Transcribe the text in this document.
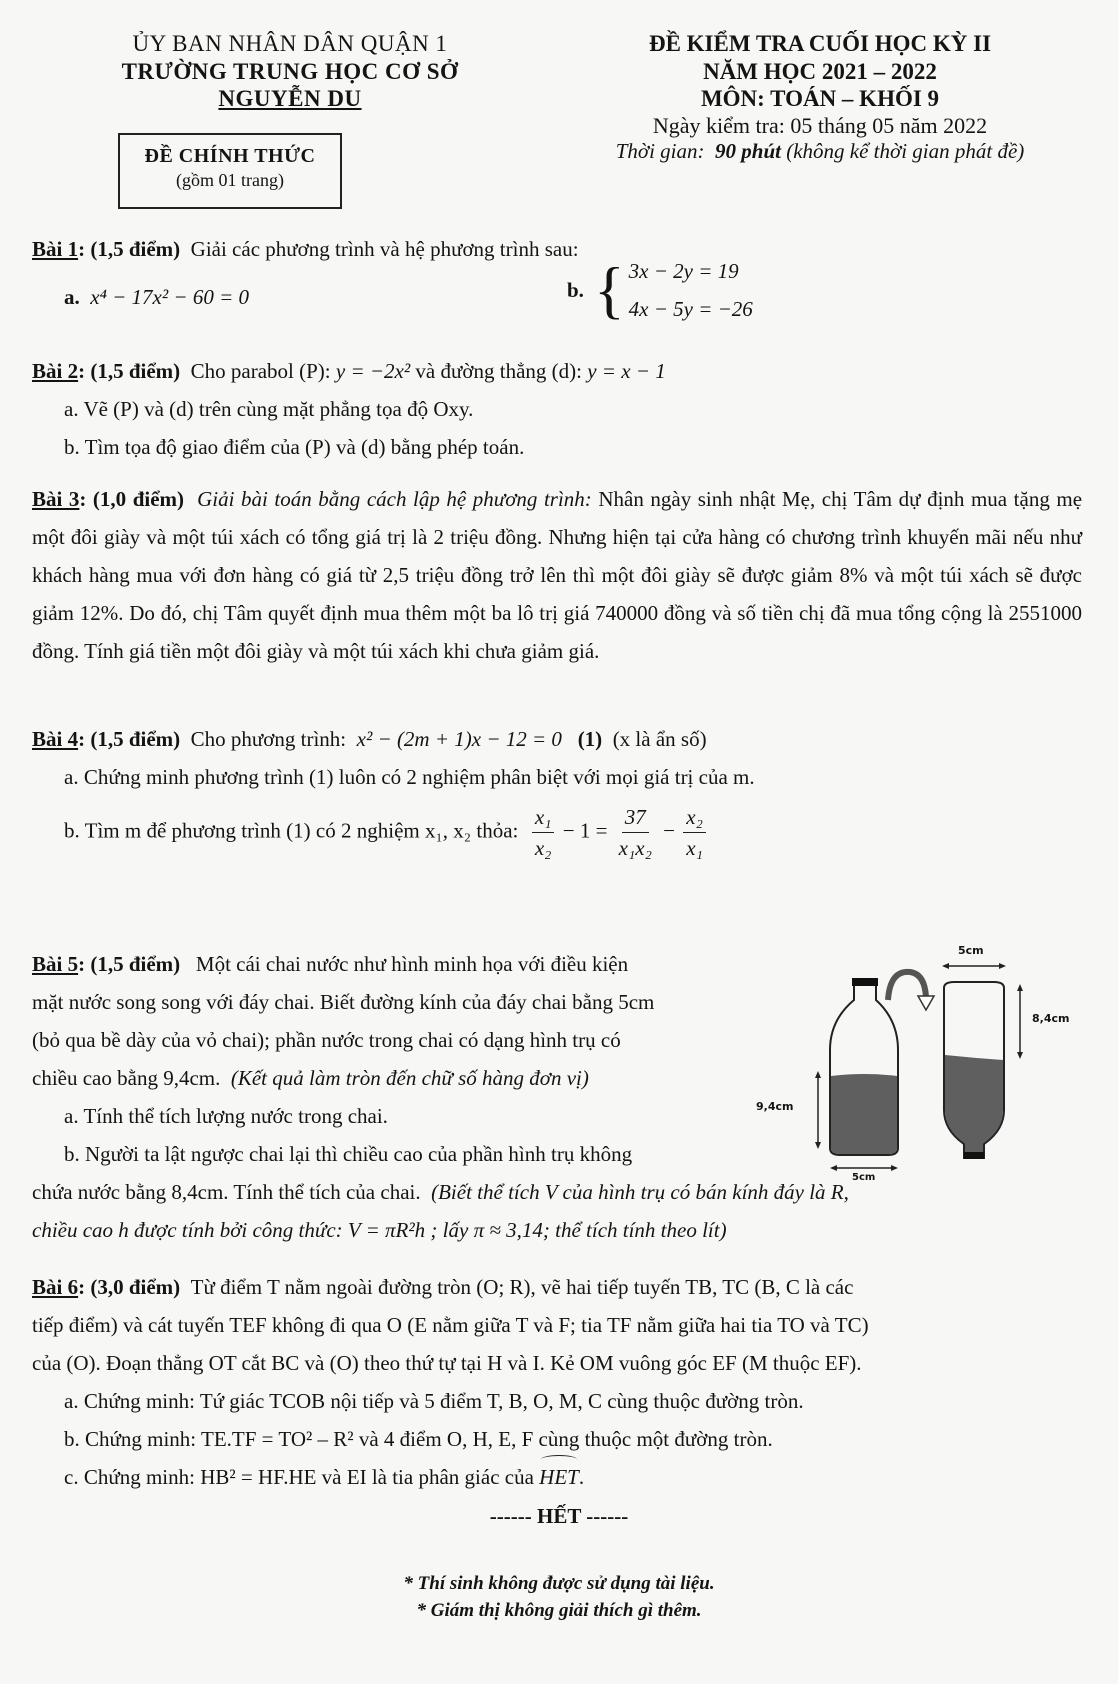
ỦY BAN NHÂN DÂN QUẬN 1
TRƯỜNG TRUNG HỌC CƠ SỞ
NGUYỄN DU
ĐỀ CHÍNH THỨC
(gồm 01 trang)
ĐỀ KIỂM TRA CUỐI HỌC KỲ II
NĂM HỌC 2021 – 2022
MÔN: TOÁN – KHỐI 9
Ngày kiểm tra: 05 tháng 05 năm 2022
Thời gian: 90 phút (không kể thời gian phát đề)
Bài 1: (1,5 điểm) Giải các phương trình và hệ phương trình sau:
a. x⁴ − 17x² − 60 = 0	b. { 3x − 2y = 19
4x − 5y = −26
Bài 2: (1,5 điểm) Cho parabol (P): y = −2x² và đường thẳng (d): y = x − 1
a. Vẽ (P) và (d) trên cùng mặt phẳng tọa độ Oxy.
b. Tìm tọa độ giao điểm của (P) và (d) bằng phép toán.
Bài 3: (1,0 điểm) Giải bài toán bằng cách lập hệ phương trình: Nhân ngày sinh nhật Mẹ, chị Tâm dự định mua tặng mẹ một đôi giày và một túi xách có tổng giá trị là 2 triệu đồng. Nhưng hiện tại cửa hàng có chương trình khuyến mãi nếu như khách hàng mua với đơn hàng có giá từ 2,5 triệu đồng trở lên thì một đôi giày sẽ được giảm 8% và một túi xách sẽ được giảm 12%. Do đó, chị Tâm quyết định mua thêm một ba lô trị giá 740000 đồng và số tiền chị đã mua tổng cộng là 2551000 đồng. Tính giá tiền một đôi giày và một túi xách khi chưa giảm giá.
Bài 4: (1,5 điểm) Cho phương trình: x² − (2m + 1)x − 12 = 0 (1) (x là ẩn số)
a. Chứng minh phương trình (1) luôn có 2 nghiệm phân biệt với mọi giá trị của m.
b. Tìm m để phương trình (1) có 2 nghiệm x₁, x₂ thỏa: $\frac{\text{x₁}}{\text{x₂}} - 1 = \frac{37}{\text{x₁x₂}} - \frac{\text{x₂}}{\text{x₁}}$
Bài 5: (1,5 điểm) Một cái chai nước như hình minh họa với điều kiện
mặt nước song song với đáy chai. Biết đường kính của đáy chai bằng 5cm
(bỏ qua bề dày của vỏ chai); phần nước trong chai có dạng hình trụ có
chiều cao bằng 9,4cm. (Kết quả làm tròn đến chữ số hàng đơn vị)
a. Tính thể tích lượng nước trong chai.
b. Người ta lật ngược chai lại thì chiều cao của phần hình trụ không
chứa nước bằng 8,4cm. Tính thể tích của chai. (Biết thể tích V của hình trụ có bán kính đáy là R,
chiều cao h được tính bởi công thức: V = πR²h ; lấy π ≈ 3,14; thể tích tính theo lít)
5cm
8,4cm
9,4cm
5cm
Bài 6: (3,0 điểm) Từ điểm T nằm ngoài đường tròn (O; R), vẽ hai tiếp tuyến TB, TC (B, C là các
tiếp điểm) và cát tuyến TEF không đi qua O (E nằm giữa T và F; tia TF nằm giữa hai tia TO và TC)
của (O). Đoạn thẳng OT cắt BC và (O) theo thứ tự tại H và I. Kẻ OM vuông góc EF (M thuộc EF).
a. Chứng minh: Tứ giác TCOB nội tiếp và 5 điểm T, B, O, M, C cùng thuộc đường tròn.
b. Chứng minh: TE.TF = TO² – R² và 4 điểm O, H, E, F cùng thuộc một đường tròn.
c. Chứng minh: HB² = HF.HE và EI là tia phân giác của HET.
------ HẾT ------
* Thí sinh không được sử dụng tài liệu.
* Giám thị không giải thích gì thêm.
